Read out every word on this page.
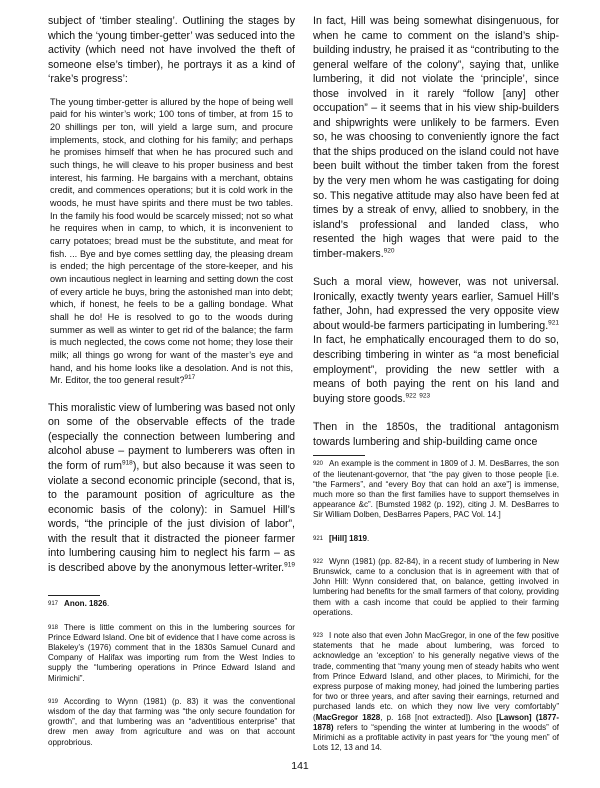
subject of ‘timber stealing’. Outlining the stages by which the ‘young timber-getter’ was seduced into the activity (which need not have involved the theft of someone else’s timber), he portrays it as a kind of ‘rake’s progress’:

The young timber-getter is allured by the hope of being well paid for his winter’s work; 100 tons of timber, at from 15 to 20 shillings per ton, will yield a large sum, and procure implements, stock, and clothing for his family; and perhaps he promises himself that when he has procured such and such things, he will cleave to his proper business and best interest, his farming. He bargains with a merchant, obtains credit, and commences operations; but it is cold work in the woods, he must have spirits and there must be two tables. In the family his food would be scarcely missed; not so what he requires when in camp, to which, it is inconvenient to carry potatoes; bread must be the substitute, and meat for fish. ... Bye and bye comes settling day, the pleasing dream is ended; the high percentage of the store-keeper, and his own incautious neglect in learning and setting down the cost of every article he buys, bring the astonished man into debt; which, if honest, he feels to be a galling bondage. What shall he do! He is resolved to go to the woods during summer as well as winter to get rid of the balance; the farm is much neglected, the cows come not home; they lose their milk; all things go wrong for want of the master’s eye and hand, and his home looks like a desolation. And is not this, Mr. Editor, the too general result?$^{917}$

This moralistic view of lumbering was based not only on some of the observable effects of the trade (especially the connection between lumbering and alcohol abuse – payment to lumberers was often in the form of rum$^{918}$), but also because it was seen to violate a second economic principle (second, that is, to the paramount position of agriculture as the economic basis of the colony): in Samuel Hill’s words, “the principle of the just division of labor”, with the result that it distracted the pioneer farmer into lumbering causing him to neglect his farm – as is described above by the anonymous letter-writer.$^{919}$

$^{917}$ Anon. 1826.

$^{918}$ There is little comment on this in the lumbering sources for Prince Edward Island. One bit of evidence that I have come across is Blakeley’s (1976) comment that in the 1830s Samuel Cunard and Company of Halifax was importing rum from the West Indies to supply the “lumbering operations in Prince Edward Island and Mirimichi”.

$^{919}$ According to Wynn (1981) (p. 83) it was the conventional wisdom of the day that farming was “the only secure foundation for growth”, and that lumbering was an “adventitious enterprise” that drew men away from agriculture and was on that account opprobrious.

In fact, Hill was being somewhat disingenuous, for when he came to comment on the island’s ship-building industry, he praised it as “contributing to the general welfare of the colony”, saying that, unlike lumbering, it did not violate the ‘principle’, since those involved in it rarely “follow [any] other occupation” – it seems that in his view ship-builders and shipwrights were unlikely to be farmers. Even so, he was choosing to conveniently ignore the fact that the ships produced on the island could not have been built without the timber taken from the forest by the very men whom he was castigating for doing so. This negative attitude may also have been fed at times by a streak of envy, allied to snobbery, in the island’s professional and landed class, who resented the high wages that were paid to the timber-makers.$^{920}$

Such a moral view, however, was not universal. Ironically, exactly twenty years earlier, Samuel Hill’s father, John, had expressed the very opposite view about would-be farmers participating in lumbering.$^{921}$ In fact, he emphatically encouraged them to do so, describing timbering in winter as “a most beneficial employment”, providing the new settler with a means of both paying the rent on his land and buying store goods.$^{922}$ $^{923}$

Then in the 1850s, the traditional antagonism towards lumbering and ship-building came once

$^{920}$ An example is the comment in 1809 of J. M. DesBarres, the son of the lieutenant-governor, that “the pay given to those people [i.e. “the Farmers”, and “every Boy that can hold an axe”] is immense, much more so than the first families have to support themselves in appearance &c”. [Bumsted 1982 (p. 192), citing J. M. DesBarres to Sir William Dolben, DesBarres Papers, PAC Vol. 14.]

$^{921}$ [Hill] 1819.

$^{922}$ Wynn (1981) (pp. 82-84), in a recent study of lumbering in New Brunswick, came to a conclusion that is in agreement with that of John Hill: Wynn considered that, on balance, getting involved in lumbering had benefits for the small farmers of that colony, providing them with a cash income that could be applied to their farming operations.

$^{923}$ I note also that even John MacGregor, in one of the few positive statements that he made about lumbering, was forced to acknowledge an ‘exception’ to his generally negative views of the trade, commenting that “many young men of steady habits who went from Prince Edward Island, and other places, to Mirimichi, for the express purpose of making money, had joined the lumbering parties for two or three years, and after saving their earnings, returned and purchased lands etc. on which they now live very comfortably” (MacGregor 1828, p. 168 [not extracted]). Also [Lawson] (1877-1878) refers to “spending the winter at lumbering in the woods” of Mirimichi as a profitable activity in past years for “the young men” of Lots 12, 13 and 14.

141
